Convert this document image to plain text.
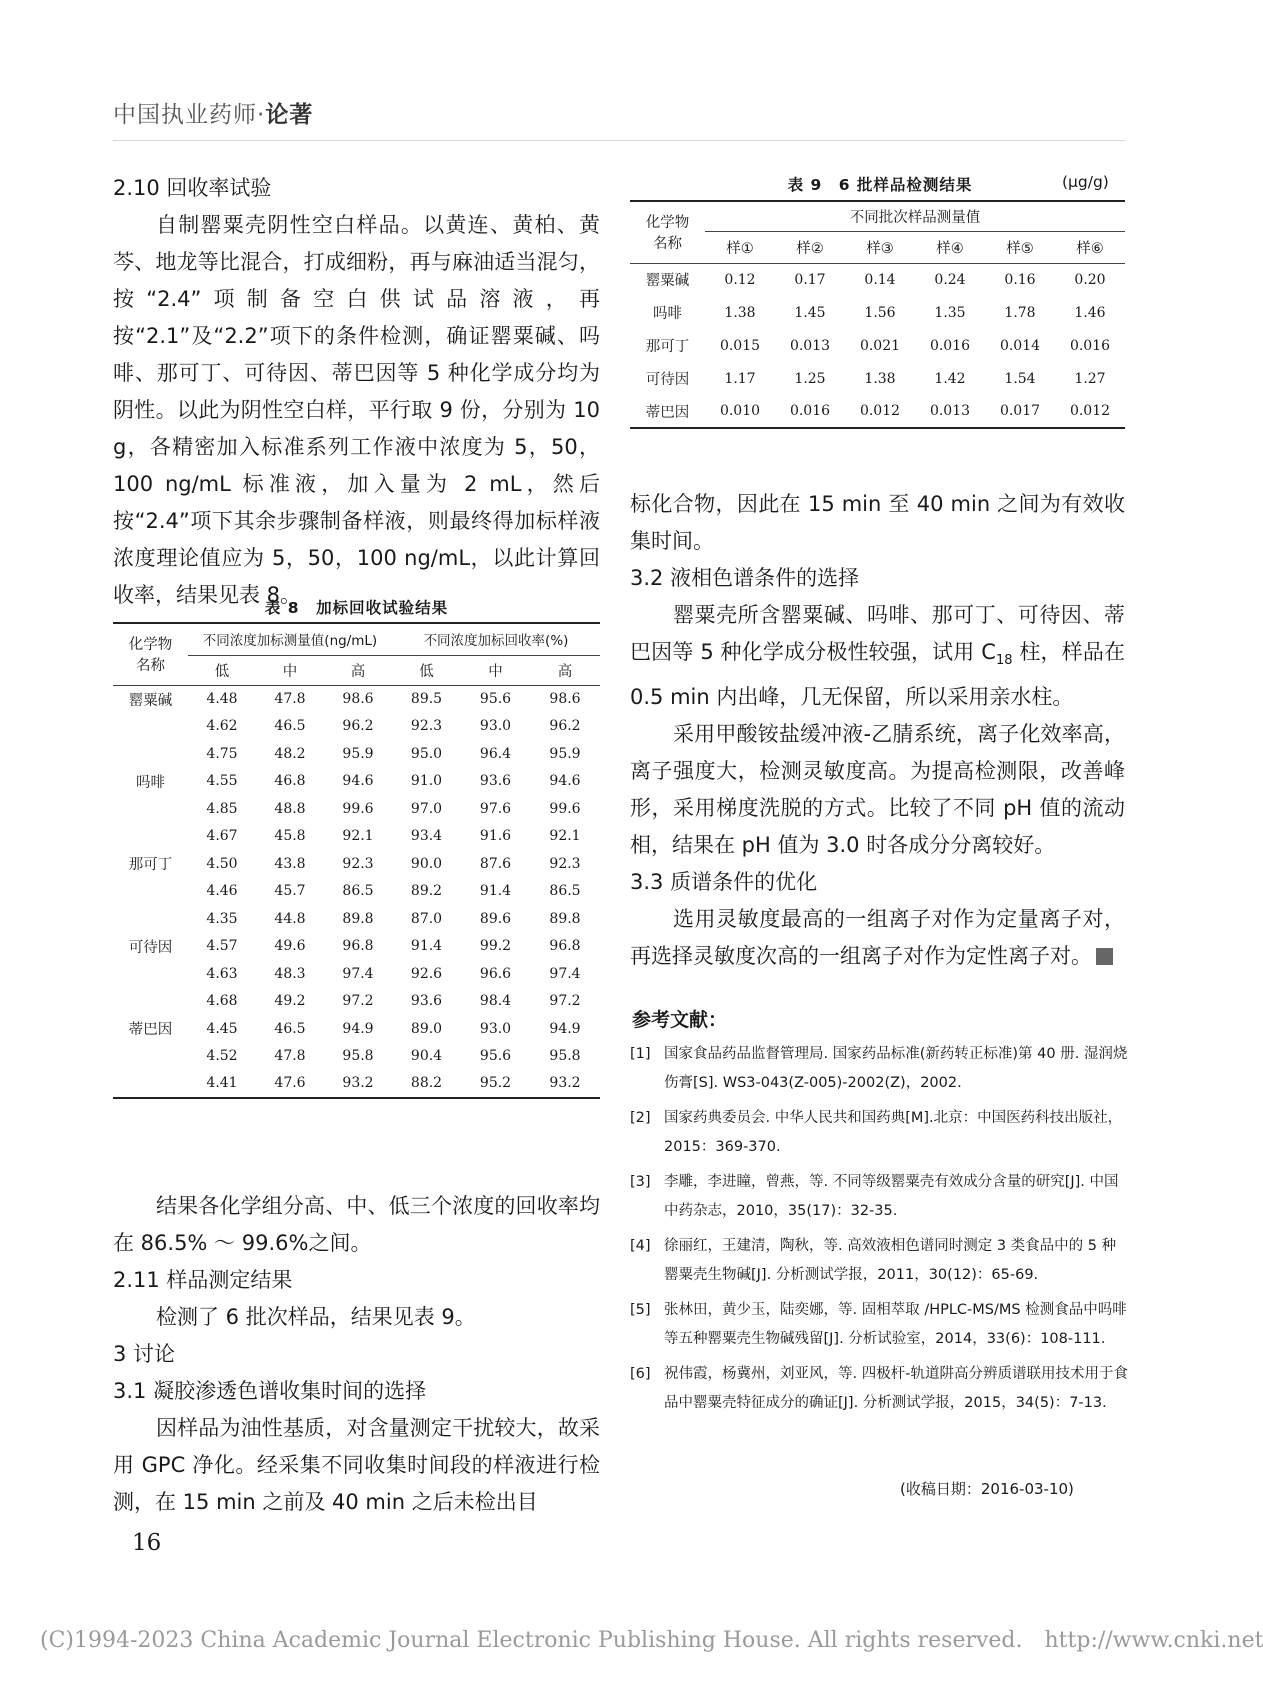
中国执业药师·论著

2.10 回收率试验

自制罂粟壳阴性空白样品。以黄连、黄柏、黄芩、地龙等比混合，打成细粉，再与麻油适当混匀，按“2.4”项制备空白供试品溶液，再按“2.1”及“2.2”项下的条件检测，确证罂粟碱、吗啡、那可丁、可待因、蒂巴因等 5 种化学成分均为阴性。以此为阴性空白样，平行取 9 份，分别为 10 g，各精密加入标准系列工作液中浓度为 5，50，100 ng/mL 标准液，加入量为 2 mL，然后按“2.4”项下其余步骤制备样液，则最终得加标样液浓度理论值应为 5，50，100 ng/mL，以此计算回收率，结果见表 8。

表 8　加标回收试验结果
化学物
名称	不同浓度加标测量值(ng/mL)			不同浓度加标回收率(%)		
	低	中	高	低	中	高
罂粟碱	4.48	47.8	98.6	89.5	95.6	98.6
	4.62	46.5	96.2	92.3	93.0	96.2
	4.75	48.2	95.9	95.0	96.4	95.9
吗啡	4.55	46.8	94.6	91.0	93.6	94.6
	4.85	48.8	99.6	97.0	97.6	99.6
	4.67	45.8	92.1	93.4	91.6	92.1
那可丁	4.50	43.8	92.3	90.0	87.6	92.3
	4.46	45.7	86.5	89.2	91.4	86.5
	4.35	44.8	89.8	87.0	89.6	89.8
可待因	4.57	49.6	96.8	91.4	99.2	96.8
	4.63	48.3	97.4	92.6	96.6	97.4
	4.68	49.2	97.2	93.6	98.4	97.2
蒂巴因	4.45	46.5	94.9	89.0	93.0	94.9
	4.52	47.8	95.8	90.4	95.6	95.8
	4.41	47.6	93.2	88.2	95.2	93.2

结果各化学组分高、中、低三个浓度的回收率均在 86.5% ～ 99.6%之间。

2.11 样品测定结果

检测了 6 批次样品，结果见表 9。

3 讨论

3.1 凝胶渗透色谱收集时间的选择

因样品为油性基质，对含量测定干扰较大，故采用 GPC 净化。经采集不同收集时间段的样液进行检测，在 15 min 之前及 40 min 之后未检出目

表 9　6 批样品检测结果	(μg/g)
化学物
名称	不同批次样品测量值					
	样①	样②	样③	样④	样⑤	样⑥
罂粟碱	0.12	0.17	0.14	0.24	0.16	0.20
吗啡	1.38	1.45	1.56	1.35	1.78	1.46
那可丁	0.015	0.013	0.021	0.016	0.014	0.016
可待因	1.17	1.25	1.38	1.42	1.54	1.27
蒂巴因	0.010	0.016	0.012	0.013	0.017	0.012

标化合物，因此在 15 min 至 40 min 之间为有效收集时间。

3.2 液相色谱条件的选择

罂粟壳所含罂粟碱、吗啡、那可丁、可待因、蒂巴因等 5 种化学成分极性较强，试用 $C_{18}$ 柱，样品在 0.5 min 内出峰，几无保留，所以采用亲水柱。

采用甲酸铵盐缓冲液-乙腈系统，离子化效率高，离子强度大，检测灵敏度高。为提高检测限，改善峰形，采用梯度洗脱的方式。比较了不同 pH 值的流动相，结果在 pH 值为 3.0 时各成分分离较好。

3.3 质谱条件的优化

选用灵敏度最高的一组离子对作为定量离子对，再选择灵敏度次高的一组离子对作为定性离子对。

参考文献：
[1] 国家食品药品监督管理局. 国家药品标准(新药转正标准)第 40 册. 湿润烧伤膏[S]. WS3-043(Z-005)-2002(Z)，2002.
[2] 国家药典委员会. 中华人民共和国药典[M].北京：中国医药科技出版社，2015：369-370.
[3] 李雕，李进瞳，曾燕，等. 不同等级罂粟壳有效成分含量的研究[J]. 中国中药杂志，2010，35(17)：32-35.
[4] 徐丽红，王建清，陶秋，等. 高效液相色谱同时测定 3 类食品中的 5 种罂粟壳生物碱[J]. 分析测试学报，2011，30(12)：65-69.
[5] 张林田，黄少玉，陆奕娜，等. 固相萃取 /HPLC-MS/MS 检测食品中吗啡等五种罂粟壳生物碱残留[J]. 分析试验室，2014，33(6)：108-111.
[6] 祝伟霞，杨冀州，刘亚风，等. 四极杆-轨道阱高分辨质谱联用技术用于食品中罂粟壳特征成分的确证[J]. 分析测试学报，2015，34(5)：7-13.
(收稿日期：2016-03-10)
16
(C)1994-2023 China Academic Journal Electronic Publishing House. All rights reserved. http://www.cnki.net
